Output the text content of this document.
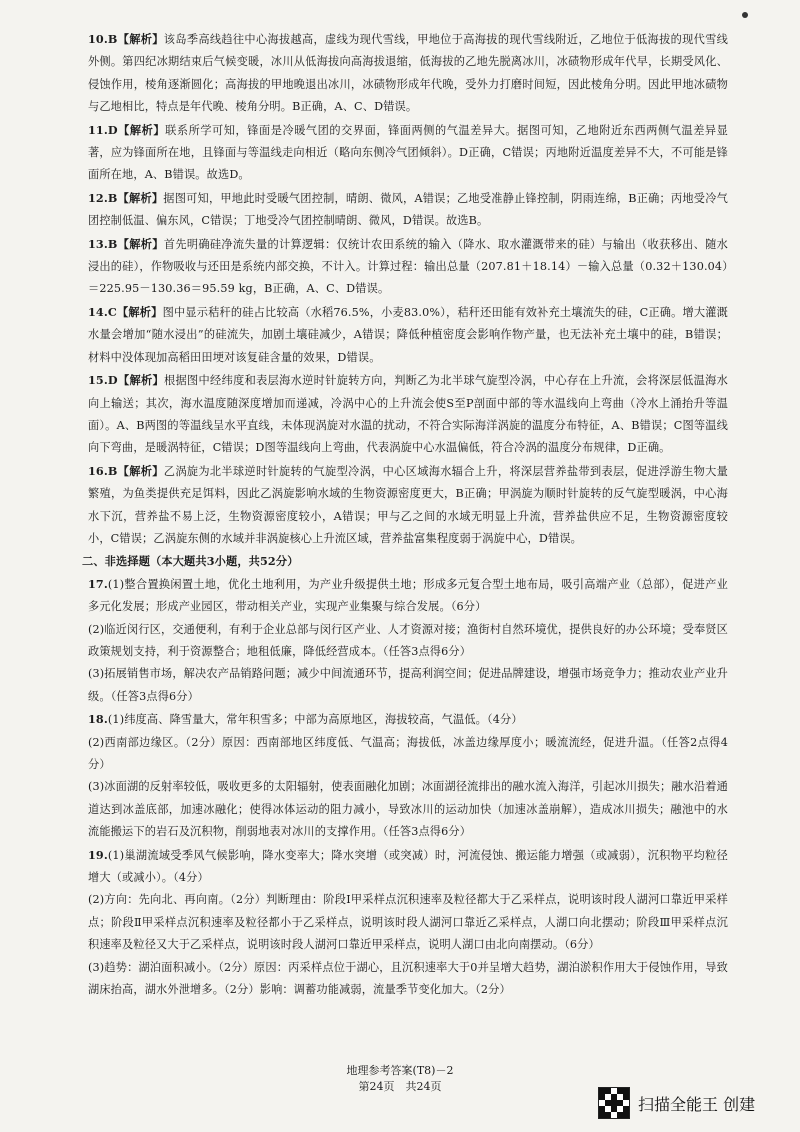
10.B【解析】该岛季高线趋往中心海拔越高，虚线为现代雪线，甲地位于高海拔的现代雪线附近，乙地位于低海拔的现代雪线外侧。第四纪冰期结束后气候变暖，冰川从低海拔向高海拔退缩，低海拔的乙地先脱离冰川，冰碛物形成年代早，长期受风化、侵蚀作用，棱角逐渐圆化；高海拔的甲地晚退出冰川，冰碛物形成年代晚，受外力打磨时间短，因此棱角分明。因此甲地冰碛物与乙地相比，特点是年代晚、棱角分明。B正确，A、C、D错误。

11.D【解析】联系所学可知，锋面是冷暖气团的交界面，锋面两侧的气温差异大。据图可知，乙地附近东西两侧气温差异显著，应为锋面所在地，且锋面与等温线走向相近（略向东侧冷气团倾斜）。D正确，C错误；丙地附近温度差异不大，不可能是锋面所在地，A、B错误。故选D。

12.B【解析】据图可知，甲地此时受暖气团控制，晴朗、微风，A错误；乙地受准静止锋控制，阴雨连绵，B正确；丙地受冷气团控制低温、偏东风，C错误；丁地受冷气团控制晴朗、微风，D错误。故选B。

13.B【解析】首先明确硅净流失量的计算逻辑：仅统计农田系统的输入（降水、取水灌溉带来的硅）与输出（收获移出、随水浸出的硅），作物吸收与还田是系统内部交换，不计入。计算过程：输出总量（207.81＋18.14）－输入总量（0.32＋130.04）＝225.95－130.36＝95.59 kg，B正确，A、C、D错误。

14.C【解析】图中显示秸秆的硅占比较高（水稻76.5%，小麦83.0%），秸秆还田能有效补充土壤流失的硅，C正确。增大灌溉水量会增加“随水浸出”的硅流失，加剧土壤硅减少，A错误；降低种植密度会影响作物产量，也无法补充土壤中的硅，B错误；材料中没体现加高稻田田埂对该复硅含量的效果，D错误。

15.D【解析】根据图中经纬度和表层海水逆时针旋转方向，判断乙为北半球气旋型冷涡，中心存在上升流，会将深层低温海水向上输送；其次，海水温度随深度增加而递减，冷涡中心的上升流会使S至P剖面中部的等水温线向上弯曲（冷水上涌抬升等温面）。A、B两图的等温线呈水平直线，未体现涡旋对水温的扰动，不符合实际海洋涡旋的温度分布特征，A、B错误；C图等温线向下弯曲，是暖涡特征，C错误；D图等温线向上弯曲，代表涡旋中心水温偏低，符合冷涡的温度分布规律，D正确。

16.B【解析】乙涡旋为北半球逆时针旋转的气旋型冷涡，中心区域海水辐合上升，将深层营养盐带到表层，促进浮游生物大量繁殖，为鱼类提供充足饵料，因此乙涡旋影响水域的生物资源密度更大，B正确；甲涡旋为顺时针旋转的反气旋型暖涡，中心海水下沉，营养盐不易上泛，生物资源密度较小，A错误；甲与乙之间的水域无明显上升流，营养盐供应不足，生物资源密度较小，C错误；乙涡旋东侧的水域并非涡旋核心上升流区域，营养盐富集程度弱于涡旋中心，D错误。

二、非选择题（本大题共3小题，共52分）

17.(1)整合置换闲置土地，优化土地利用，为产业升级提供土地；形成多元复合型土地布局，吸引高端产业（总部），促进产业多元化发展；形成产业园区，带动相关产业，实现产业集聚与综合发展。（6分）
(2)临近闵行区，交通便利，有利于企业总部与闵行区产业、人才资源对接；渔街村自然环境优，提供良好的办公环境；受奉贤区政策规划支持，利于资源整合；地租低廉，降低经营成本。（任答3点得6分）
(3)拓展销售市场，解决农产品销路问题；减少中间流通环节，提高利润空间；促进品牌建设，增强市场竞争力；推动农业产业升级。（任答3点得6分）

18.(1)纬度高、降雪量大，常年积雪多；中部为高原地区，海拔较高，气温低。（4分）
(2)西南部边缘区。（2分）原因：西南部地区纬度低、气温高；海拔低，冰盖边缘厚度小；暖流流经，促进升温。（任答2点得4分）
(3)冰面湖的反射率较低，吸收更多的太阳辐射，使表面融化加剧；冰面湖径流排出的融水流入海洋，引起冰川损失；融水沿着通道达到冰盖底部，加速冰融化；使得冰体运动的阻力减小，导致冰川的运动加快（加速冰盖崩解），造成冰川损失；融池中的水流能搬运下的岩石及沉积物，削弱地表对冰川的支撑作用。（任答3点得6分）

19.(1)巢湖流域受季风气候影响，降水变率大；降水突增（或突减）时，河流侵蚀、搬运能力增强（或减弱），沉积物平均粒径增大（或减小）。（4分）
(2)方向：先向北、再向南。（2分）判断理由：阶段Ⅰ甲采样点沉积速率及粒径都大于乙采样点，说明该时段人湖河口靠近甲采样点；阶段Ⅱ甲采样点沉积速率及粒径都小于乙采样点，说明该时段人湖河口靠近乙采样点，人湖口向北摆动；阶段Ⅲ甲采样点沉积速率及粒径又大于乙采样点，说明该时段人湖河口靠近甲采样点，说明人湖口由北向南摆动。（6分）
(3)趋势：湖泊面积减小。（2分）原因：丙采样点位于湖心，且沉积速率大于0并呈增大趋势，湖泊淤积作用大于侵蚀作用，导致湖床抬高，湖水外泄增多。（2分）影响：调蓄功能减弱，流量季节变化加大。（2分）

地理参考答案(T8)－2
第24页　共24页
扫描全能王 创建
